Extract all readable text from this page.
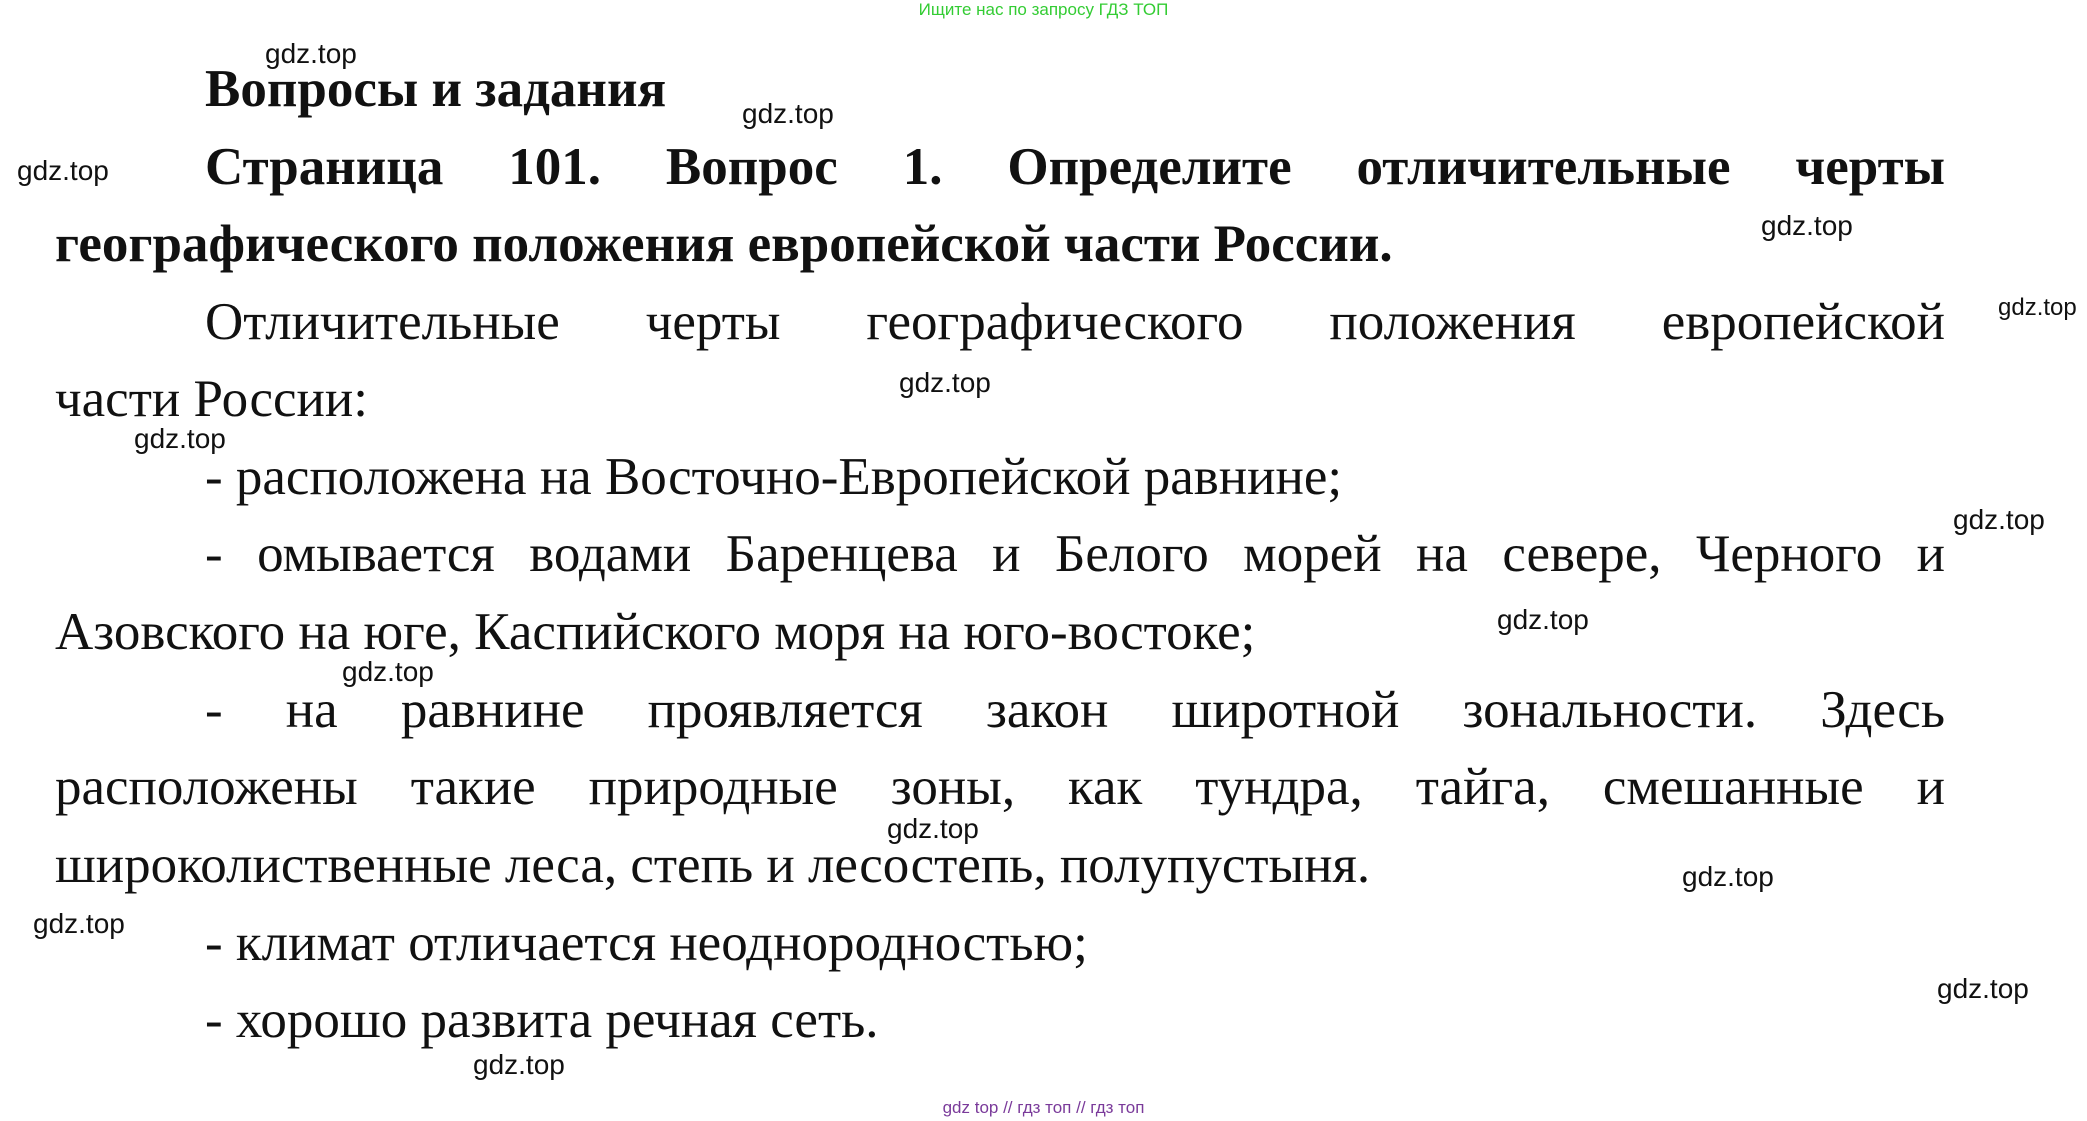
Ищите нас по запросу ГДЗ ТОП
Вопросы и задания
Страница 101. Вопрос 1. Определите отличительные черты
географического положения европейской части России.
Отличительные черты географического положения европейской
части России:
- расположена на Восточно-Европейской равнине;
- омывается водами Баренцева и Белого морей на севере, Черного и
Азовского на юге, Каспийского моря на юго-востоке;
- на равнине проявляется закон широтной зональности. Здесь
расположены такие природные зоны, как тундра, тайга, смешанные и
широколиственные леса, степь и лесостепь, полупустыня.
- климат отличается неоднородностью;
- хорошо развита речная сеть.
gdz.top
gdz.top
gdz.top
gdz.top
gdz.top
gdz.top
gdz.top
gdz.top
gdz.top
gdz.top
gdz.top
gdz.top
gdz.top
gdz.top
gdz.top
gdz top // гдз топ // гдз топ
